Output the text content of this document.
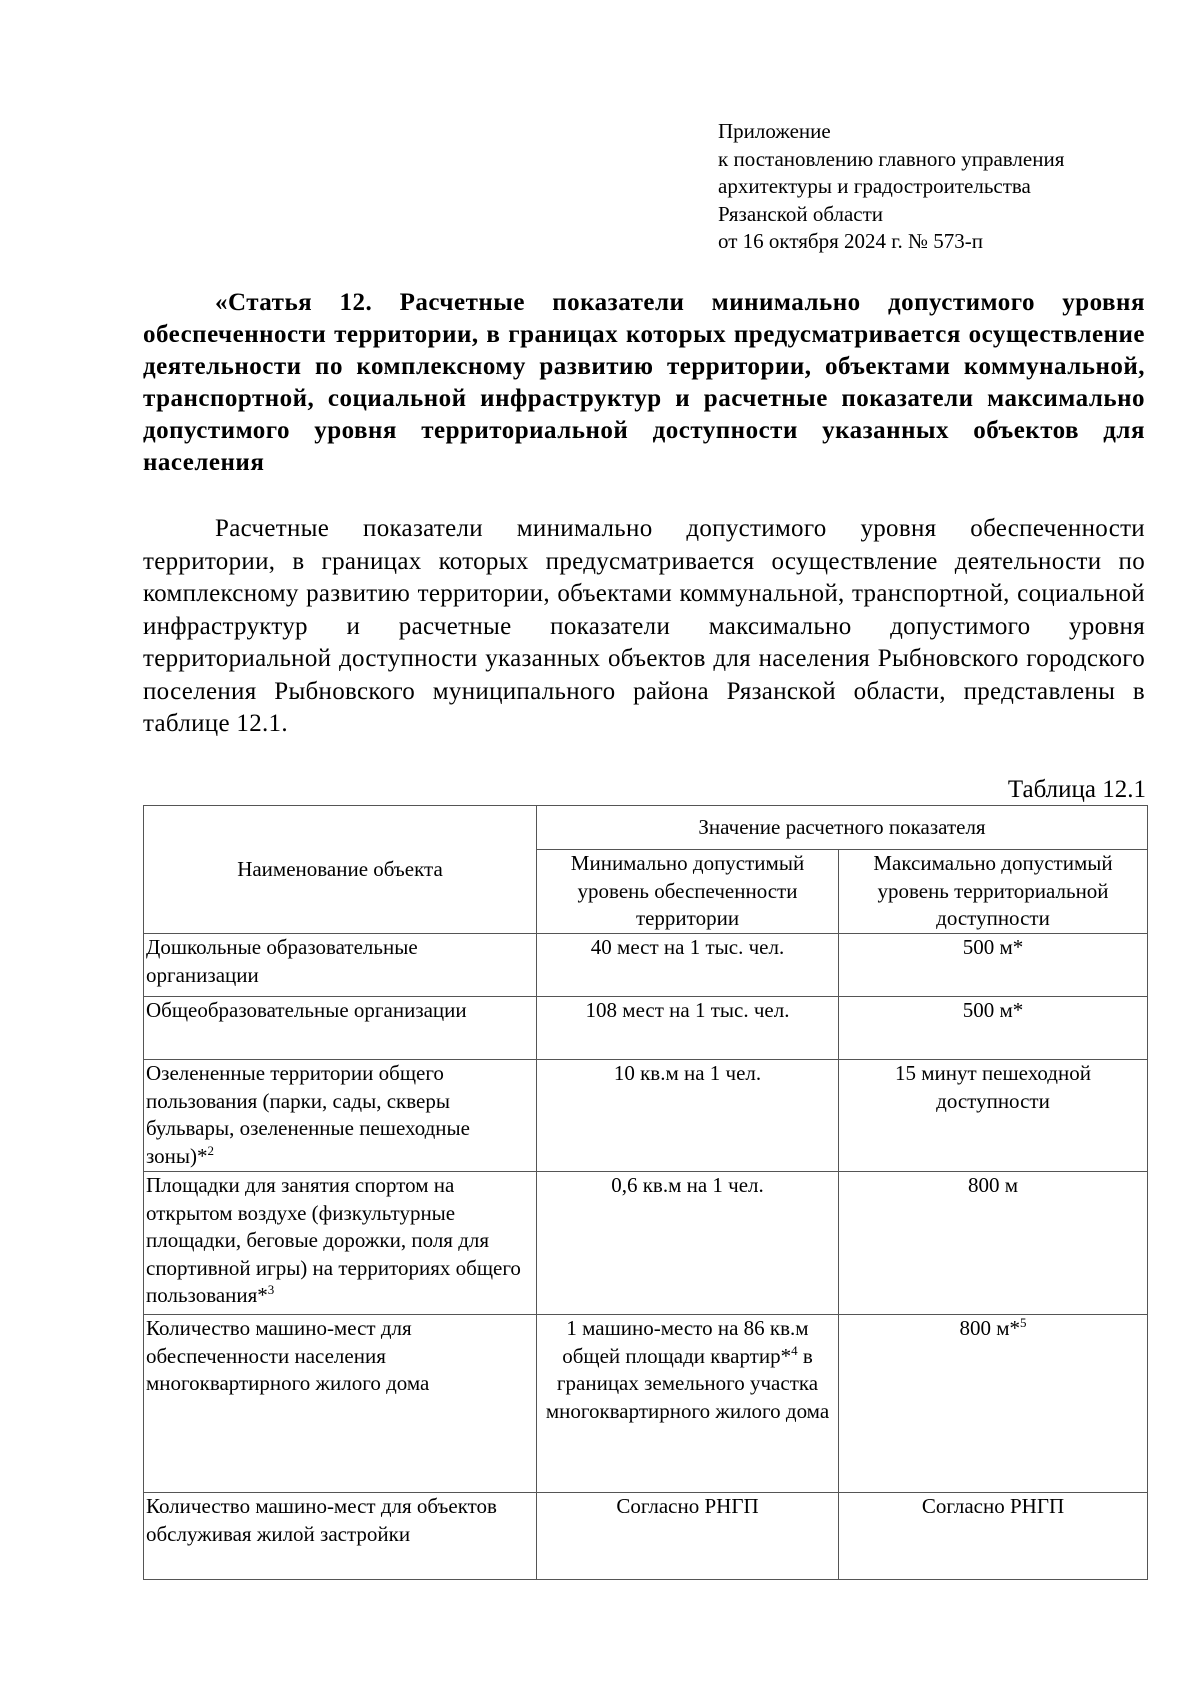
Приложение
к постановлению главного управления
архитектуры и градостроительства
Рязанской области
от 16 октября 2024 г. № 573-п
«Статья 12. Расчетные показатели минимально допустимого уровня обеспеченности территории, в границах которых предусматривается осуществление деятельности по комплексному развитию территории, объектами коммунальной, транспортной, социальной инфраструктур и расчетные показатели максимально допустимого уровня территориальной доступности указанных объектов для населения
Расчетные показатели минимально допустимого уровня обеспеченности территории, в границах которых предусматривается осуществление деятельности по комплексному развитию территории, объектами коммунальной, транспортной, социальной инфраструктур и расчетные показатели максимально допустимого уровня территориальной доступности указанных объектов для населения Рыбновского городского поселения Рыбновского муниципального района Рязанской области, представлены в таблице 12.1.
Таблица 12.1
Наименование объекта	Значение расчетного показателя	
	Минимально допустимый уровень обеспеченности территории	Максимально допустимый уровень территориальной доступности
Дошкольные образовательные организации	40 мест на 1 тыс. чел.	500 м*
Общеобразовательные организации	108 мест на 1 тыс. чел.	500 м*
Озелененные территории общего пользования (парки, сады, скверы бульвары, озелененные пешеходные зоны)*$^2$	10 кв.м на 1 чел.	15 минут пешеходной доступности
Площадки для занятия спортом на открытом воздухе (физкультурные площадки, беговые дорожки, поля для спортивной игры) на территориях общего пользования*$^3$	0,6 кв.м на 1 чел.	800 м
Количество машино-мест для обеспеченности населения многоквартирного жилого дома	1 машино-место на 86 кв.м общей площади квартир*$^4$ в границах земельного участка многоквартирного жилого дома	800 м*$^5$
Количество машино-мест для объектов обслуживая жилой застройки	Согласно РНГП	Согласно РНГП
